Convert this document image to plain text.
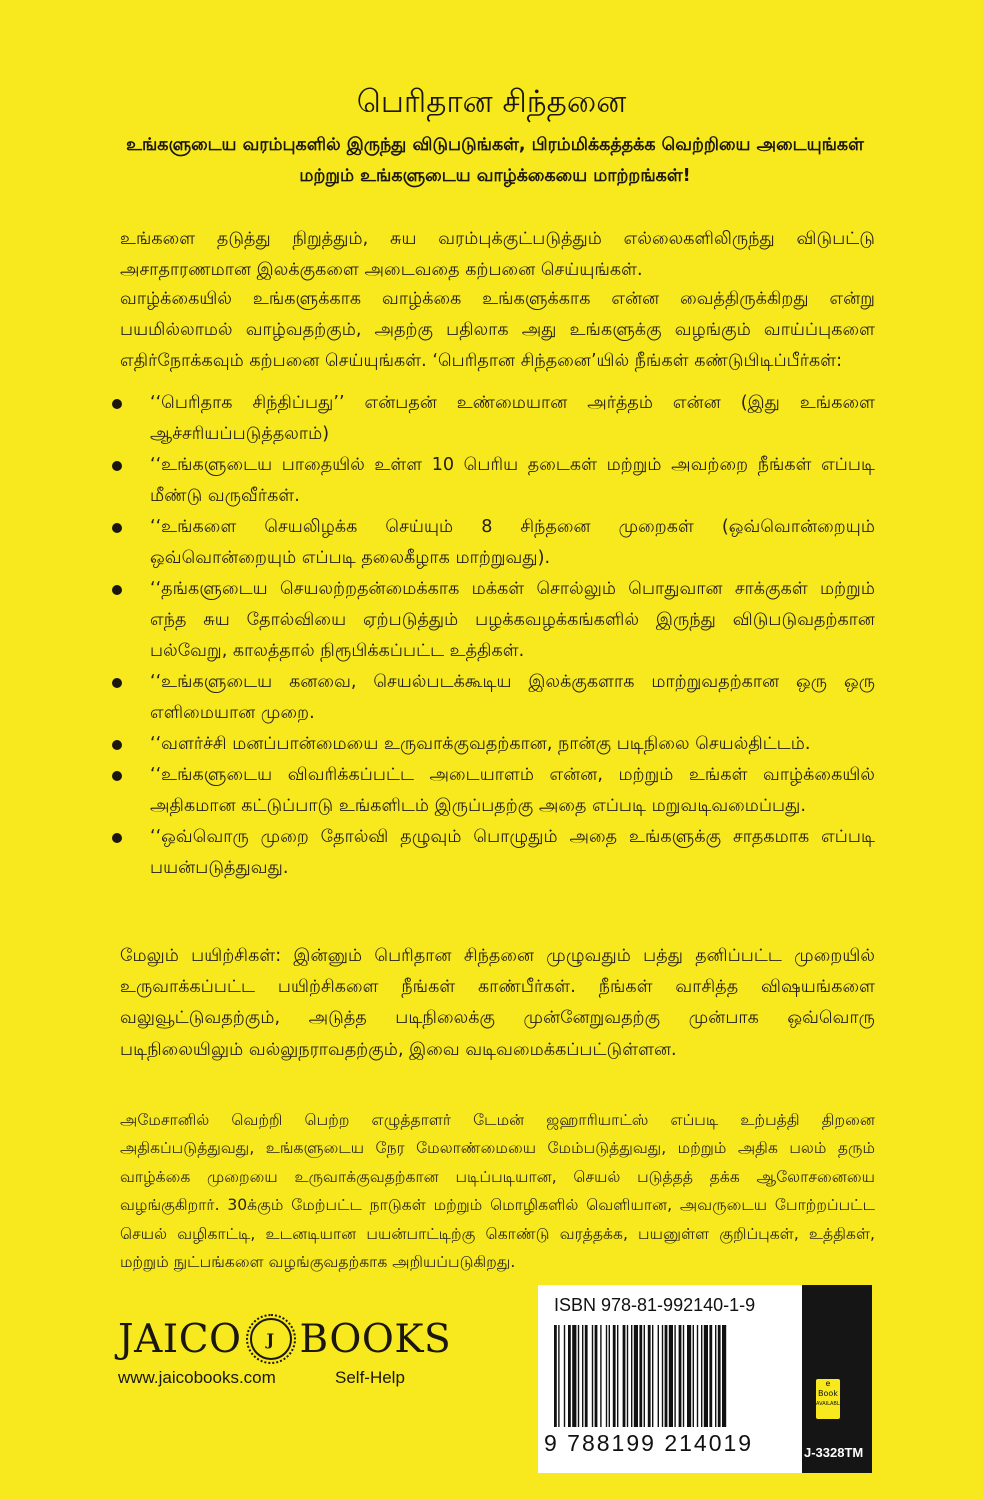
பெரிதான சிந்தனை
உங்களுடைய வரம்புகளில் இருந்து விடுபடுங்கள், பிரம்மிக்கத்தக்க வெற்றியை அடையுங்கள் மற்றும் உங்களுடைய வாழ்க்கையை மாற்றங்கள்!
உங்களை தடுத்து நிறுத்தும், சுய வரம்புக்குட்படுத்தும் எல்லைகளிலிருந்து விடுபட்டு அசாதாரணமான இலக்குகளை அடைவதை கற்பனை செய்யுங்கள்.
வாழ்க்கையில் உங்களுக்காக வாழ்க்கை உங்களுக்காக என்ன வைத்திருக்கிறது என்று பயமில்லாமல் வாழ்வதற்கும், அதற்கு பதிலாக அது உங்களுக்கு வழங்கும் வாய்ப்புகளை எதிர்நோக்கவும் கற்பனை செய்யுங்கள். ‘பெரிதான சிந்தனை’யில் நீங்கள் கண்டுபிடிப்பீர்கள்:
‘‘பெரிதாக சிந்திப்பது’’ என்பதன் உண்மையான அர்த்தம் என்ன (இது உங்களை ஆச்சரியப்படுத்தலாம்)
‘‘உங்களுடைய பாதையில் உள்ள 10 பெரிய தடைகள் மற்றும் அவற்றை நீங்கள் எப்படி மீண்டு வருவீர்கள்.
‘‘உங்களை செயலிழக்க செய்யும் 8 சிந்தனை முறைகள் (ஒவ்வொன்றையும் ஒவ்வொன்றையும் எப்படி தலைகீழாக மாற்றுவது).
‘‘தங்களுடைய செயலற்றதன்மைக்காக மக்கள் சொல்லும் பொதுவான சாக்குகள் மற்றும் எந்த சுய தோல்வியை ஏற்படுத்தும் பழக்கவழக்கங்களில் இருந்து விடுபடுவதற்கான பல்வேறு, காலத்தால் நிரூபிக்கப்பட்ட உத்திகள்.
‘‘உங்களுடைய கனவை, செயல்படக்கூடிய இலக்குகளாக மாற்றுவதற்கான ஒரு ஒரு எளிமையான முறை.
‘‘வளர்ச்சி மனப்பான்மையை உருவாக்குவதற்கான, நான்கு படிநிலை செயல்திட்டம்.
‘‘உங்களுடைய விவரிக்கப்பட்ட அடையாளம் என்ன, மற்றும் உங்கள் வாழ்க்கையில் அதிகமான கட்டுப்பாடு உங்களிடம் இருப்பதற்கு அதை எப்படி மறுவடிவமைப்பது.
‘‘ஒவ்வொரு முறை தோல்வி தழுவும் பொழுதும் அதை உங்களுக்கு சாதகமாக எப்படி பயன்படுத்துவது.
மேலும் பயிற்சிகள்: இன்னும் பெரிதான சிந்தனை முழுவதும் பத்து தனிப்பட்ட முறையில் உருவாக்கப்பட்ட பயிற்சிகளை நீங்கள் காண்பீர்கள். நீங்கள் வாசித்த விஷயங்களை வலுவூட்டுவதற்கும், அடுத்த படிநிலைக்கு முன்னேறுவதற்கு முன்பாக ஒவ்வொரு படிநிலையிலும் வல்லுநராவதற்கும், இவை வடிவமைக்கப்பட்டுள்ளன.
அமேசானில் வெற்றி பெற்ற எழுத்தாளர் டேமன் ஜஹாரியாட்ஸ் எப்படி உற்பத்தி திறனை அதிகப்படுத்துவது, உங்களுடைய நேர மேலாண்மையை மேம்படுத்துவது, மற்றும் அதிக பலம் தரும் வாழ்க்கை முறையை உருவாக்குவதற்கான படிப்படியான, செயல் படுத்தத் தக்க ஆலோசனையை வழங்குகிறார். 30க்கும் மேற்பட்ட நாடுகள் மற்றும் மொழிகளில் வெளியான, அவருடைய போற்றப்பட்ட செயல் வழிகாட்டி, உடனடியான பயன்பாட்டிற்கு கொண்டு வரத்தக்க, பயனுள்ள குறிப்புகள், உத்திகள், மற்றும் நுட்பங்களை வழங்குவதற்காக அறியப்படுகிறது.
JAICO	J BOOKS
www.jaicobooks.com	Self-Help
ISBN 978-81-992140-1-9
9 788199 214019
e
Book
AVAILABLE
J-3328TM
